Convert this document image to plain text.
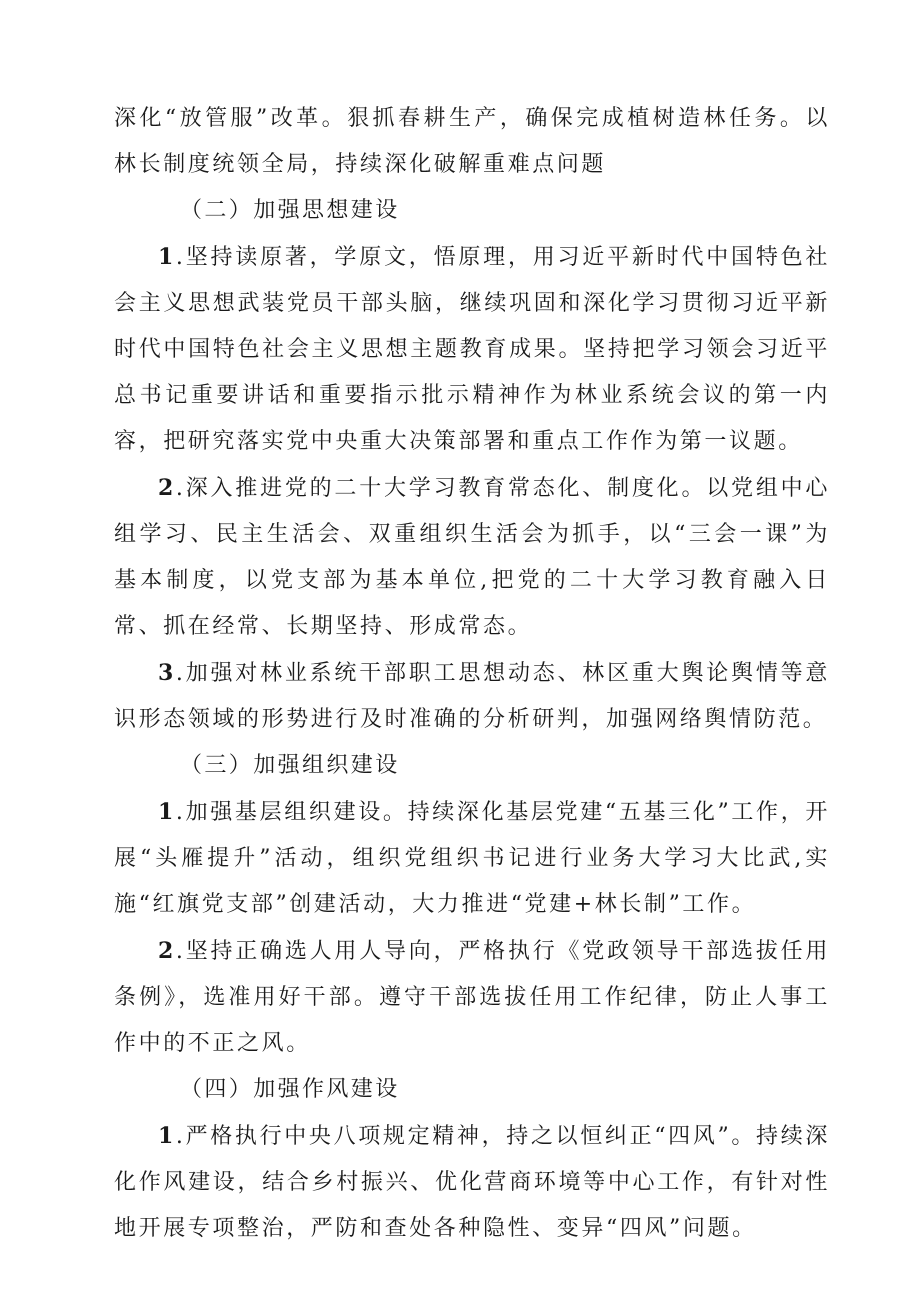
深化“放管服”改革。狠抓春耕生产，确保完成植树造林任务。以林长制度统领全局，持续深化破解重难点问题

（二）加强思想建设

1.坚持读原著，学原文，悟原理，用习近平新时代中国特色社会主义思想武装党员干部头脑，继续巩固和深化学习贯彻习近平新时代中国特色社会主义思想主题教育成果。坚持把学习领会习近平总书记重要讲话和重要指示批示精神作为林业系统会议的第一内容，把研究落实党中央重大决策部署和重点工作作为第一议题。

2.深入推进党的二十大学习教育常态化、制度化。以党组中心组学习、民主生活会、双重组织生活会为抓手，以“三会一课”为基本制度，以党支部为基本单位,把党的二十大学习教育融入日常、抓在经常、长期坚持、形成常态。

3.加强对林业系统干部职工思想动态、林区重大舆论舆情等意识形态领域的形势进行及时准确的分析研判，加强网络舆情防范。

（三）加强组织建设

1.加强基层组织建设。持续深化基层党建“五基三化”工作，开展“头雁提升”活动，组织党组织书记进行业务大学习大比武,实施“红旗党支部”创建活动，大力推进“党建+林长制”工作。

2.坚持正确选人用人导向，严格执行《党政领导干部选拔任用条例》，选准用好干部。遵守干部选拔任用工作纪律，防止人事工作中的不正之风。

（四）加强作风建设

1.严格执行中央八项规定精神，持之以恒纠正“四风”。持续深化作风建设，结合乡村振兴、优化营商环境等中心工作，有针对性地开展专项整治，严防和查处各种隐性、变异“四风”问题。
